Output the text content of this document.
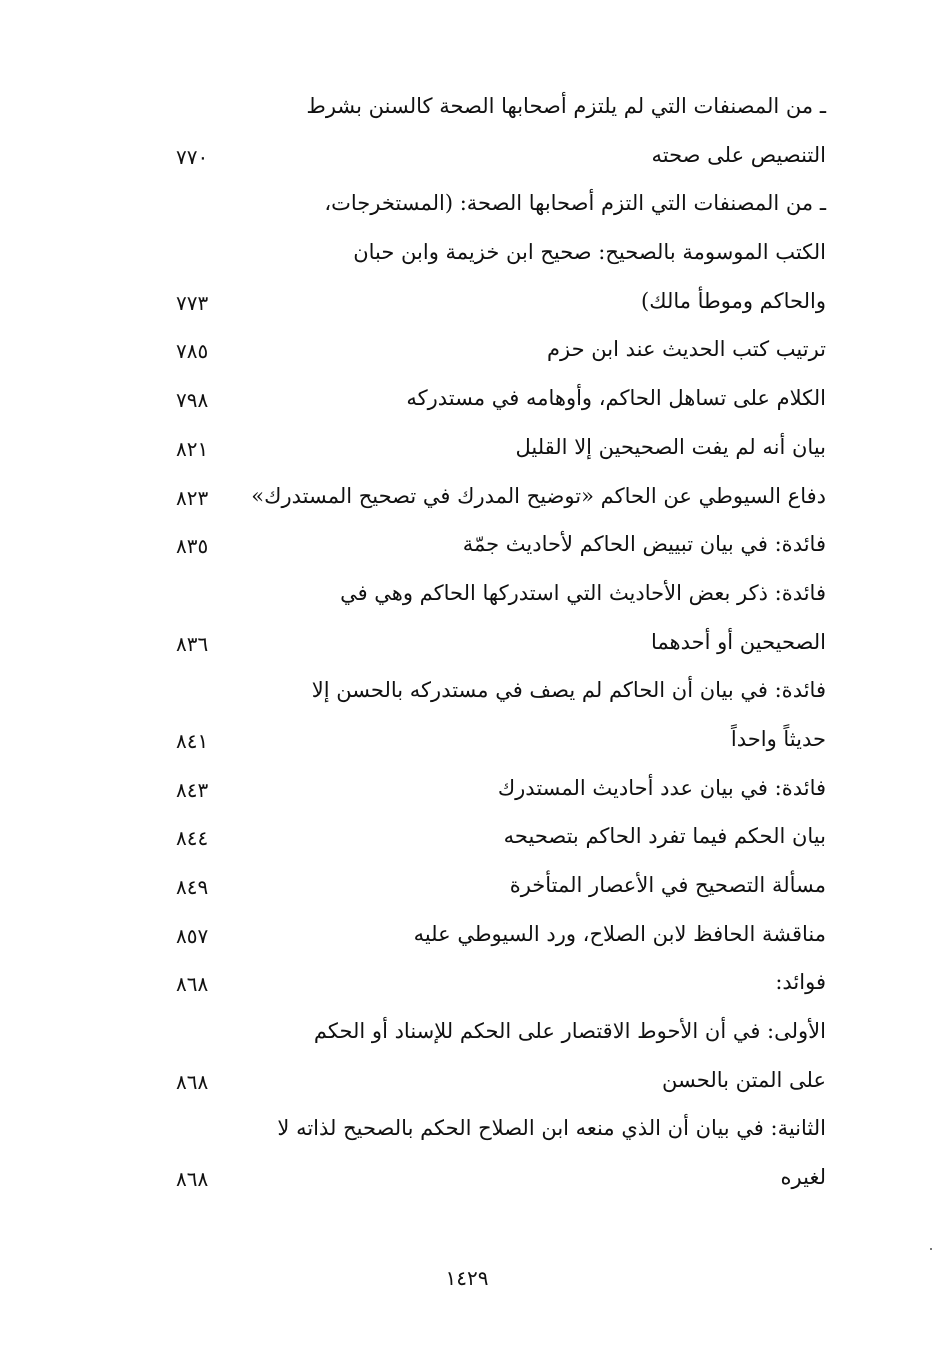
ـ من المصنفات التي لم يلتزم أصحابها الصحة كالسنن بشرط
التنصيص على صحته
٧٧٠
ـ من المصنفات التي التزم أصحابها الصحة: (المستخرجات،
الكتب الموسومة بالصحيح: صحيح ابن خزيمة وابن حبان
والحاكم وموطأ مالك)
٧٧٣
ترتيب كتب الحديث عند ابن حزم
٧٨٥
الكلام على تساهل الحاكم، وأوهامه في مستدركه
٧٩٨
بيان أنه لم يفت الصحيحين إلا القليل
٨٢١
دفاع السيوطي عن الحاكم «توضيح المدرك في تصحيح المستدرك»
٨٢٣
فائدة: في بيان تبييض الحاكم لأحاديث جمّة
٨٣٥
فائدة: ذكر بعض الأحاديث التي استدركها الحاكم وهي في
الصحيحين أو أحدهما
٨٣٦
فائدة: في بيان أن الحاكم لم يصف في مستدركه بالحسن إلا
حديثاً واحداً
٨٤١
فائدة: في بيان عدد أحاديث المستدرك
٨٤٣
بيان الحكم فيما تفرد الحاكم بتصحيحه
٨٤٤
مسألة التصحيح في الأعصار المتأخرة
٨٤٩
مناقشة الحافظ لابن الصلاح، ورد السيوطي عليه
٨٥٧
فوائد:
٨٦٨
الأولى: في أن الأحوط الاقتصار على الحكم للإسناد أو الحكم
على المتن بالحسن
٨٦٨
الثانية: في بيان أن الذي منعه ابن الصلاح الحكم بالصحيح لذاته لا
لغيره
٨٦٨
١٤٢٩
